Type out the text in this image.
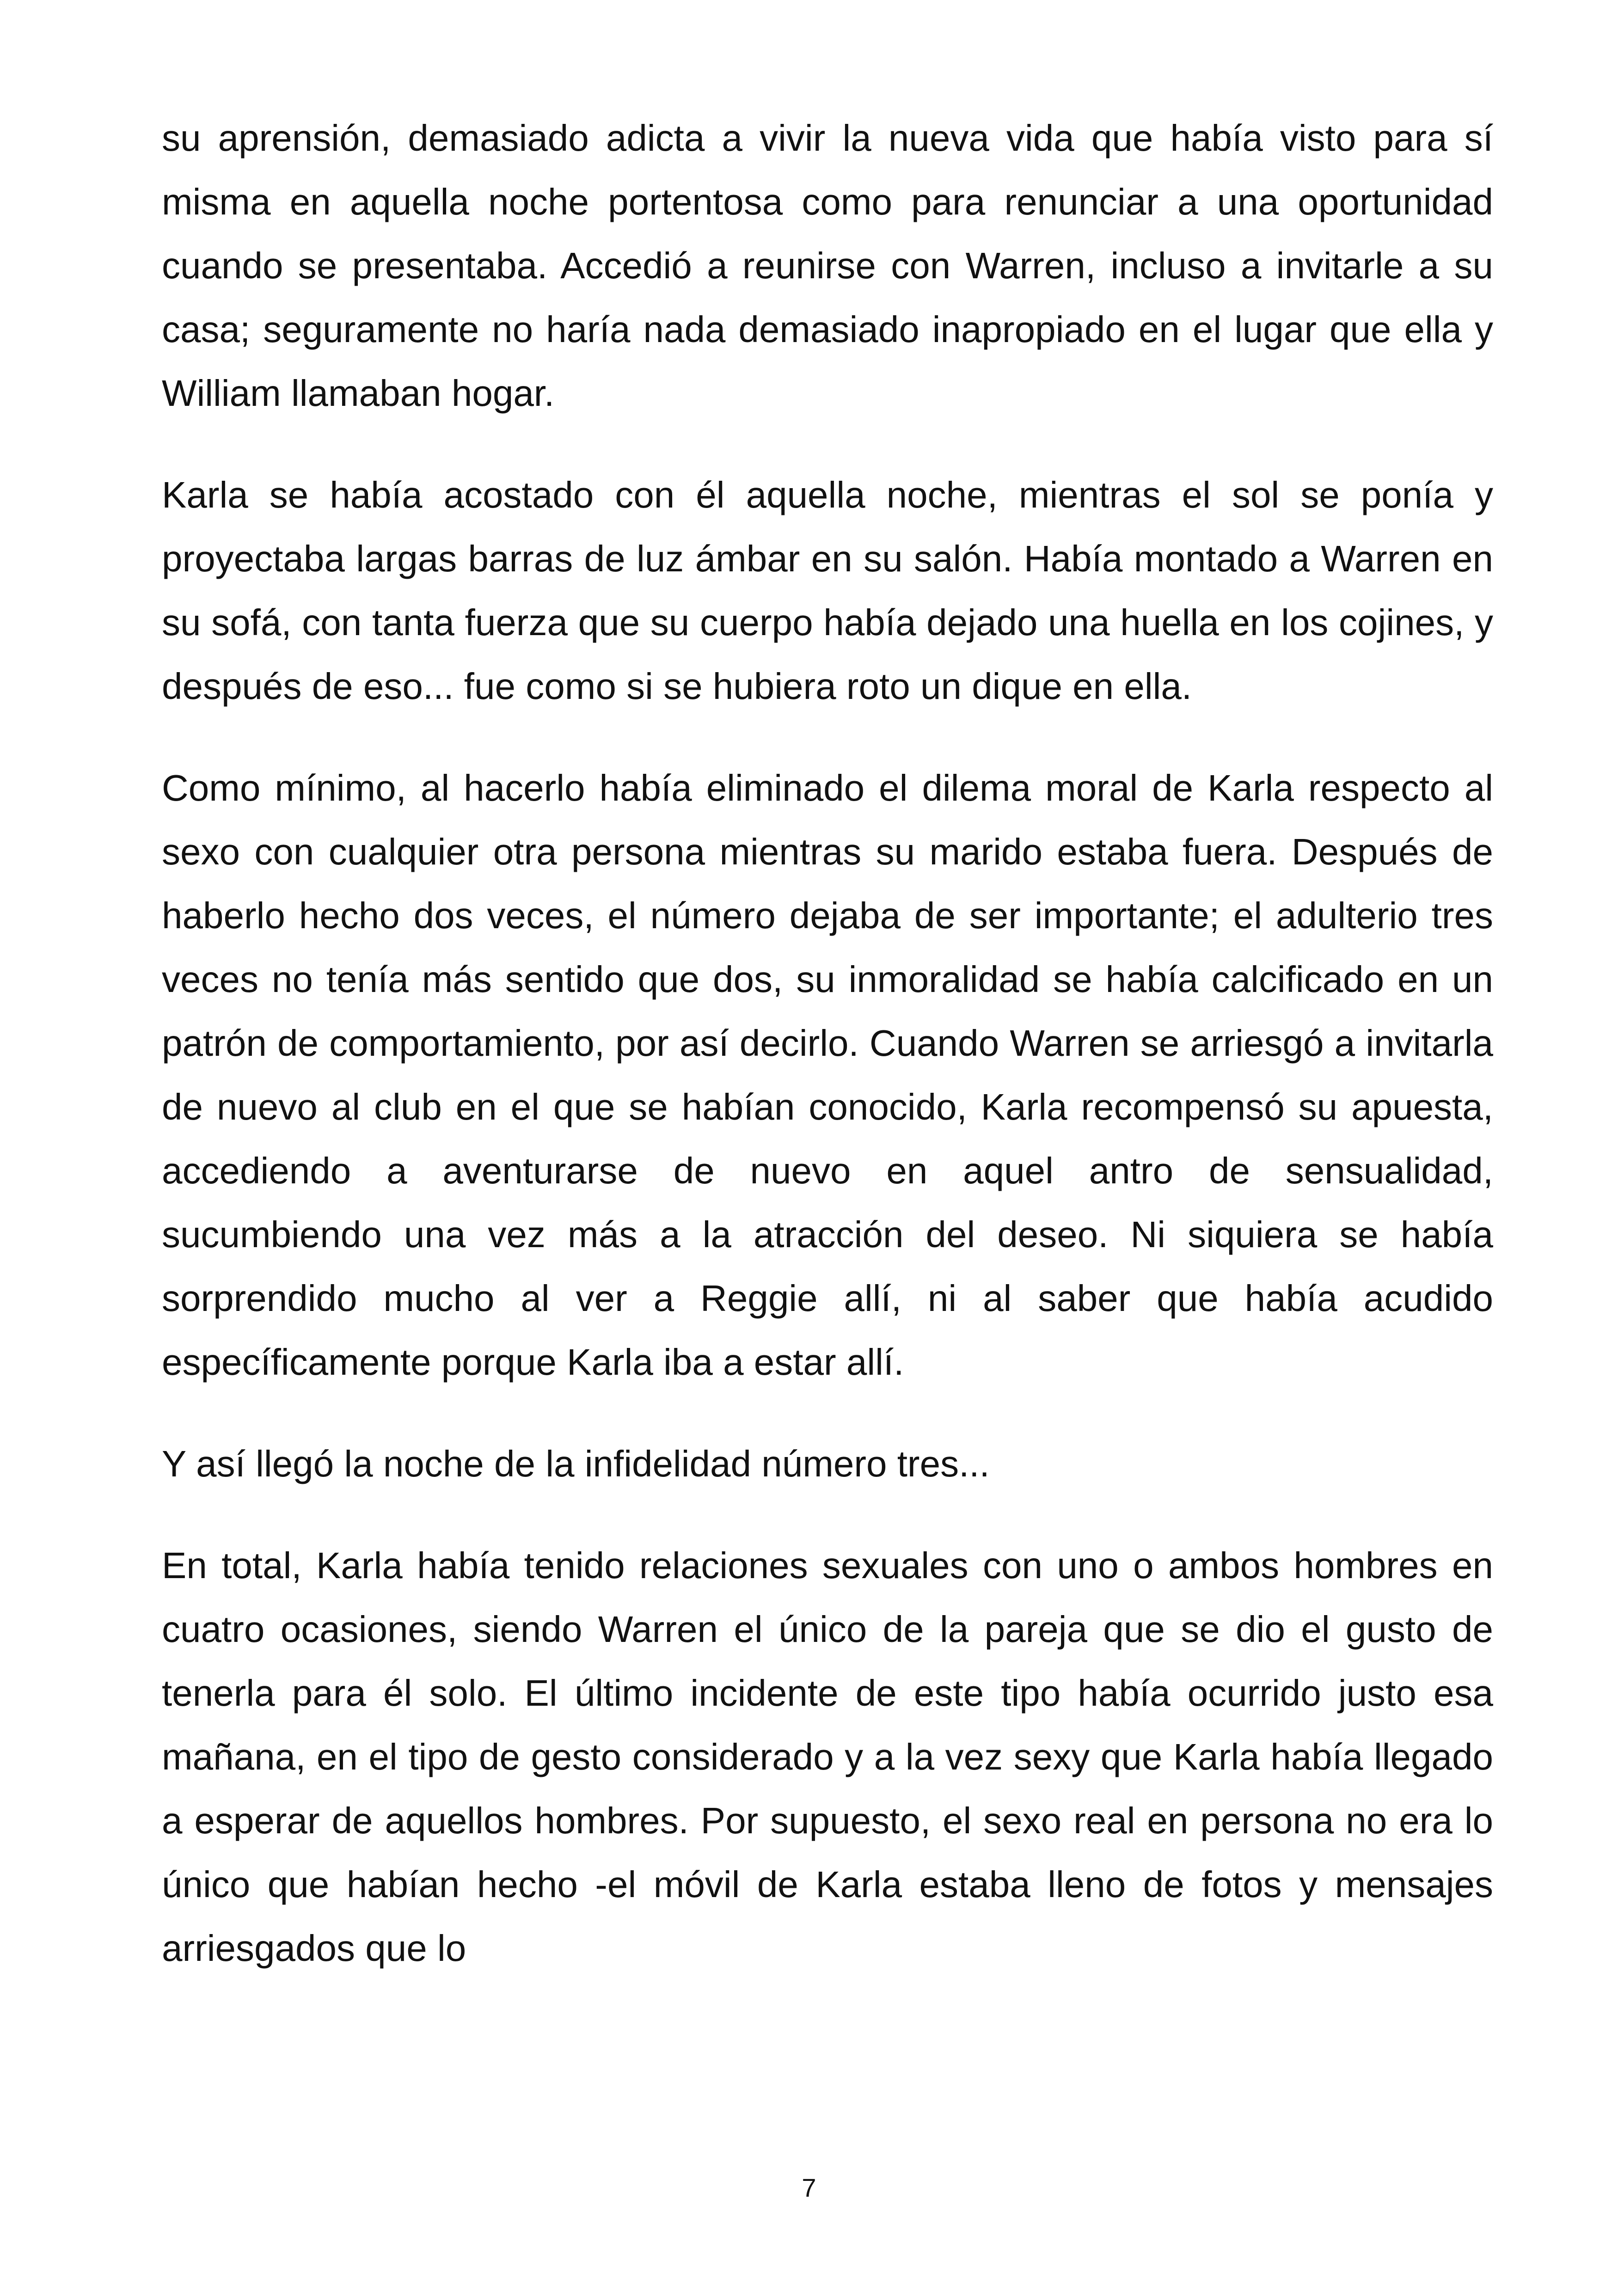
su aprensión, demasiado adicta a vivir la nueva vida que había visto para sí misma en aquella noche portentosa como para renunciar a una oportunidad cuando se presentaba. Accedió a reunirse con Warren, incluso a invitarle a su casa; seguramente no haría nada demasiado inapropiado en el lugar que ella y William llamaban hogar.

Karla se había acostado con él aquella noche, mientras el sol se ponía y proyectaba largas barras de luz ámbar en su salón. Había montado a Warren en su sofá, con tanta fuerza que su cuerpo había dejado una huella en los cojines, y después de eso... fue como si se hubiera roto un dique en ella.

Como mínimo, al hacerlo había eliminado el dilema moral de Karla respecto al sexo con cualquier otra persona mientras su marido estaba fuera. Después de haberlo hecho dos veces, el número dejaba de ser importante; el adulterio tres veces no tenía más sentido que dos, su inmoralidad se había calcificado en un patrón de comportamiento, por así decirlo. Cuando Warren se arriesgó a invitarla de nuevo al club en el que se habían conocido, Karla recompensó su apuesta, accediendo a aventurarse de nuevo en aquel antro de sensualidad, sucumbiendo una vez más a la atracción del deseo. Ni siquiera se había sorprendido mucho al ver a Reggie allí, ni al saber que había acudido específicamente porque Karla iba a estar allí.

Y así llegó la noche de la infidelidad número tres...

En total, Karla había tenido relaciones sexuales con uno o ambos hombres en cuatro ocasiones, siendo Warren el único de la pareja que se dio el gusto de tenerla para él solo. El último incidente de este tipo había ocurrido justo esa mañana, en el tipo de gesto considerado y a la vez sexy que Karla había llegado a esperar de aquellos hombres. Por supuesto, el sexo real en persona no era lo único que habían hecho -el móvil de Karla estaba lleno de fotos y mensajes arriesgados que lo

7
